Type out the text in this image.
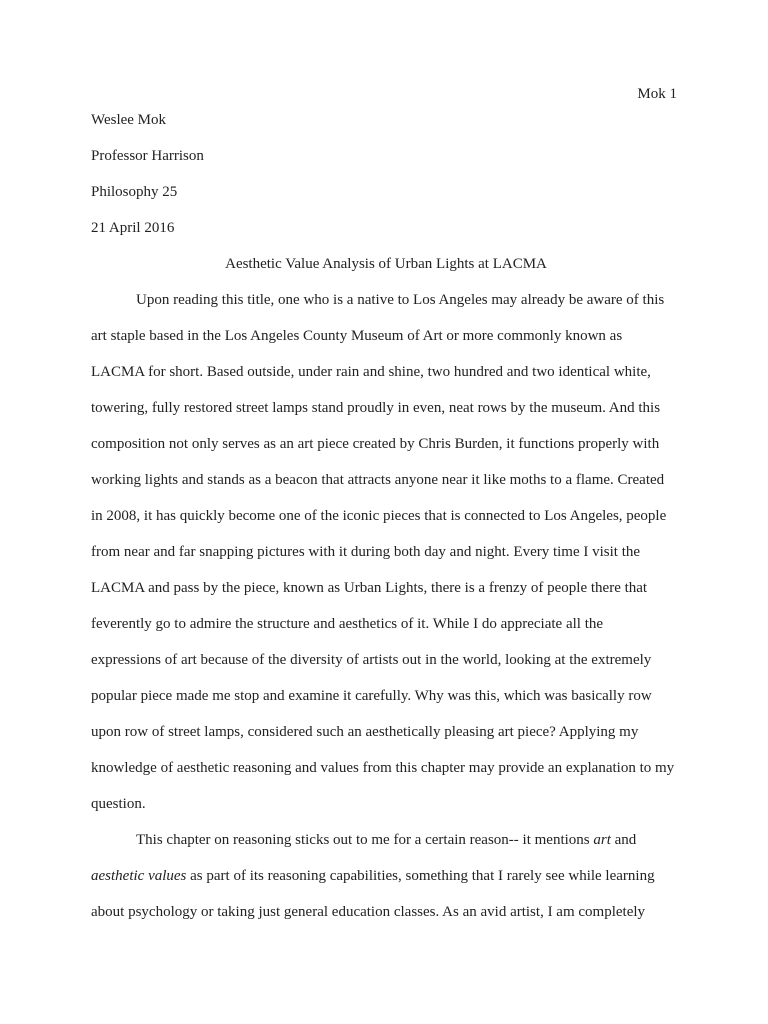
Mok 1
Weslee Mok
Professor Harrison
Philosophy 25
21 April 2016
Aesthetic Value Analysis of Urban Lights at LACMA
Upon reading this title, one who is a native to Los Angeles may already be aware of this
art staple based in the Los Angeles County Museum of Art or more commonly known as
LACMA for short. Based outside, under rain and shine, two hundred and two identical white,
towering, fully restored street lamps stand proudly in even, neat rows by the museum. And this
composition not only serves as an art piece created by Chris Burden, it functions properly with
working lights and stands as a beacon that attracts anyone near it like moths to a flame. Created
in 2008, it has quickly become one of the iconic pieces that is connected to Los Angeles, people
from near and far snapping pictures with it during both day and night. Every time I visit the
LACMA and pass by the piece, known as Urban Lights, there is a frenzy of people there that
feverently go to admire the structure and aesthetics of it. While I do appreciate all the
expressions of art because of the diversity of artists out in the world, looking at the extremely
popular piece made me stop and examine it carefully. Why was this, which was basically row
upon row of street lamps, considered such an aesthetically pleasing art piece? Applying my
knowledge of aesthetic reasoning and values from this chapter may provide an explanation to my
question.
This chapter on reasoning sticks out to me for a certain reason-- it mentions art and
aesthetic values as part of its reasoning capabilities, something that I rarely see while learning
about psychology or taking just general education classes. As an avid artist, I am completely
